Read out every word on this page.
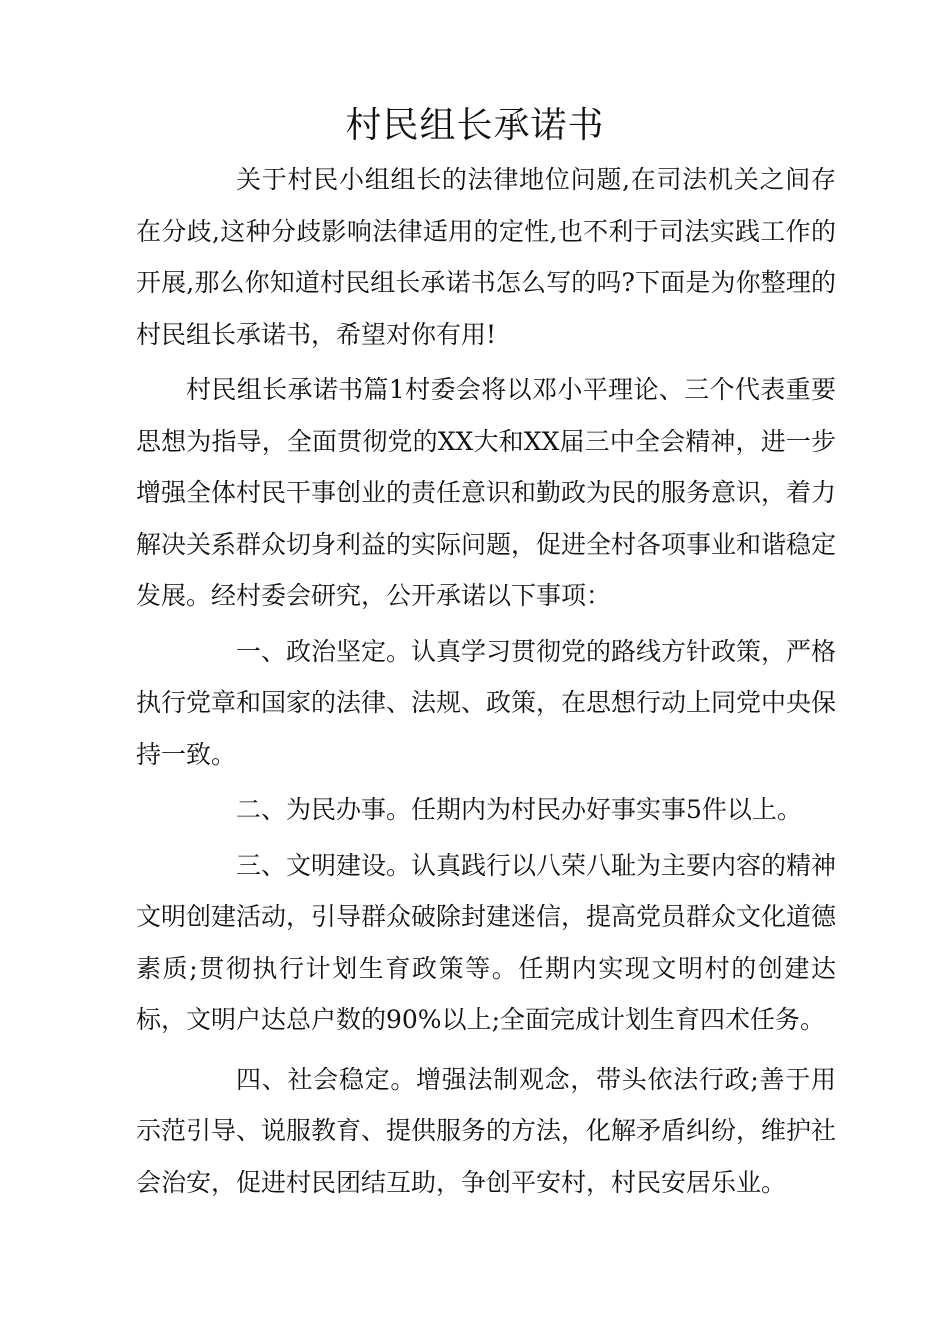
村民组长承诺书

关于村民小组组长的法律地位问题,在司法机关之间存在分歧,这种分歧影响法律适用的定性,也不利于司法实践工作的开展,那么你知道村民组长承诺书怎么写的吗?下面是为你整理的村民组长承诺书，希望对你有用!

村民组长承诺书篇1村委会将以邓小平理论、三个代表重要思想为指导，全面贯彻党的XX大和XX届三中全会精神，进一步增强全体村民干事创业的责任意识和勤政为民的服务意识，着力解决关系群众切身利益的实际问题，促进全村各项事业和谐稳定发展。经村委会研究，公开承诺以下事项：

一、政治坚定。认真学习贯彻党的路线方针政策，严格执行党章和国家的法律、法规、政策，在思想行动上同党中央保持一致。

二、为民办事。任期内为村民办好事实事5件以上。

三、文明建设。认真践行以八荣八耻为主要内容的精神文明创建活动，引导群众破除封建迷信，提高党员群众文化道德素质;贯彻执行计划生育政策等。任期内实现文明村的创建达标，文明户达总户数的90%以上;全面完成计划生育四术任务。

四、社会稳定。增强法制观念，带头依法行政;善于用示范引导、说服教育、提供服务的方法，化解矛盾纠纷，维护社会治安，促进村民团结互助，争创平安村，村民安居乐业。
